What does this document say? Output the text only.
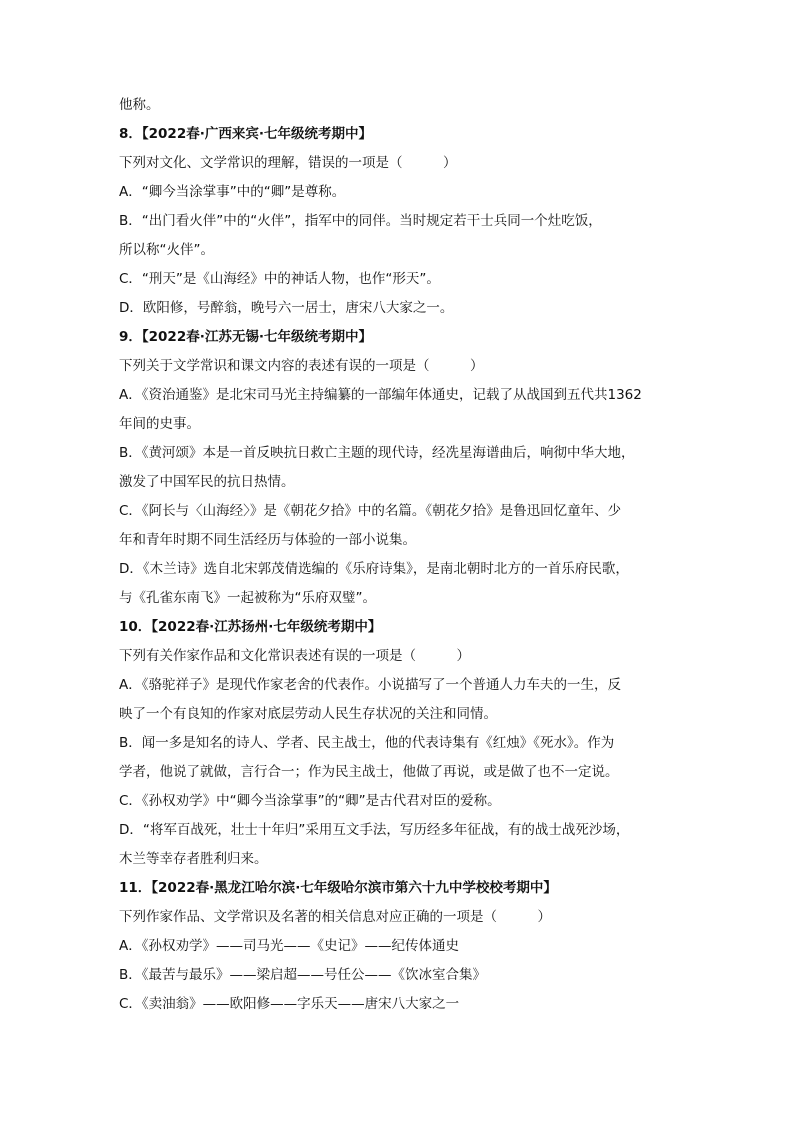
他称。
8．【2022春·广西来宾·七年级统考期中】
下列对文化、文学常识的理解，错误的一项是（　　　）
A．“卿今当涂掌事”中的“卿”是尊称。
B．“出门看火伴”中的“火伴”，指军中的同伴。当时规定若干士兵同一个灶吃饭，
所以称“火伴”。
C．“刑天”是《山海经》中的神话人物，也作“形天”。
D．欧阳修，号醉翁，晚号六一居士，唐宋八大家之一。
9．【2022春·江苏无锡·七年级统考期中】
下列关于文学常识和课文内容的表述有误的一项是（　　　）
A．《资治通鉴》是北宋司马光主持编纂的一部编年体通史，记载了从战国到五代共1362
年间的史事。
B．《黄河颂》本是一首反映抗日救亡主题的现代诗，经冼星海谱曲后，响彻中华大地，
激发了中国军民的抗日热情。
C．《阿长与〈山海经〉》是《朝花夕拾》中的名篇。《朝花夕拾》是鲁迅回忆童年、少
年和青年时期不同生活经历与体验的一部小说集。
D．《木兰诗》选自北宋郭茂倩选编的《乐府诗集》，是南北朝时北方的一首乐府民歌，
与《孔雀东南飞》一起被称为“乐府双璧”。
10．【2022春·江苏扬州·七年级统考期中】
下列有关作家作品和文化常识表述有误的一项是（　　　）
A．《骆驼祥子》是现代作家老舍的代表作。小说描写了一个普通人力车夫的一生，反
映了一个有良知的作家对底层劳动人民生存状况的关注和同情。
B．闻一多是知名的诗人、学者、民主战士，他的代表诗集有《红烛》《死水》。作为
学者，他说了就做，言行合一；作为民主战士，他做了再说，或是做了也不一定说。
C．《孙权劝学》中“卿今当涂掌事”的“卿”是古代君对臣的爱称。
D．“将军百战死，壮士十年归”采用互文手法，写历经多年征战，有的战士战死沙场，
木兰等幸存者胜利归来。
11．【2022春·黑龙江哈尔滨·七年级哈尔滨市第六十九中学校校考期中】
下列作家作品、文学常识及名著的相关信息对应正确的一项是（　　　）
A．《孙权劝学》——司马光——《史记》——纪传体通史
B．《最苦与最乐》——梁启超——号任公——《饮冰室合集》
C．《卖油翁》——欧阳修——字乐天——唐宋八大家之一
